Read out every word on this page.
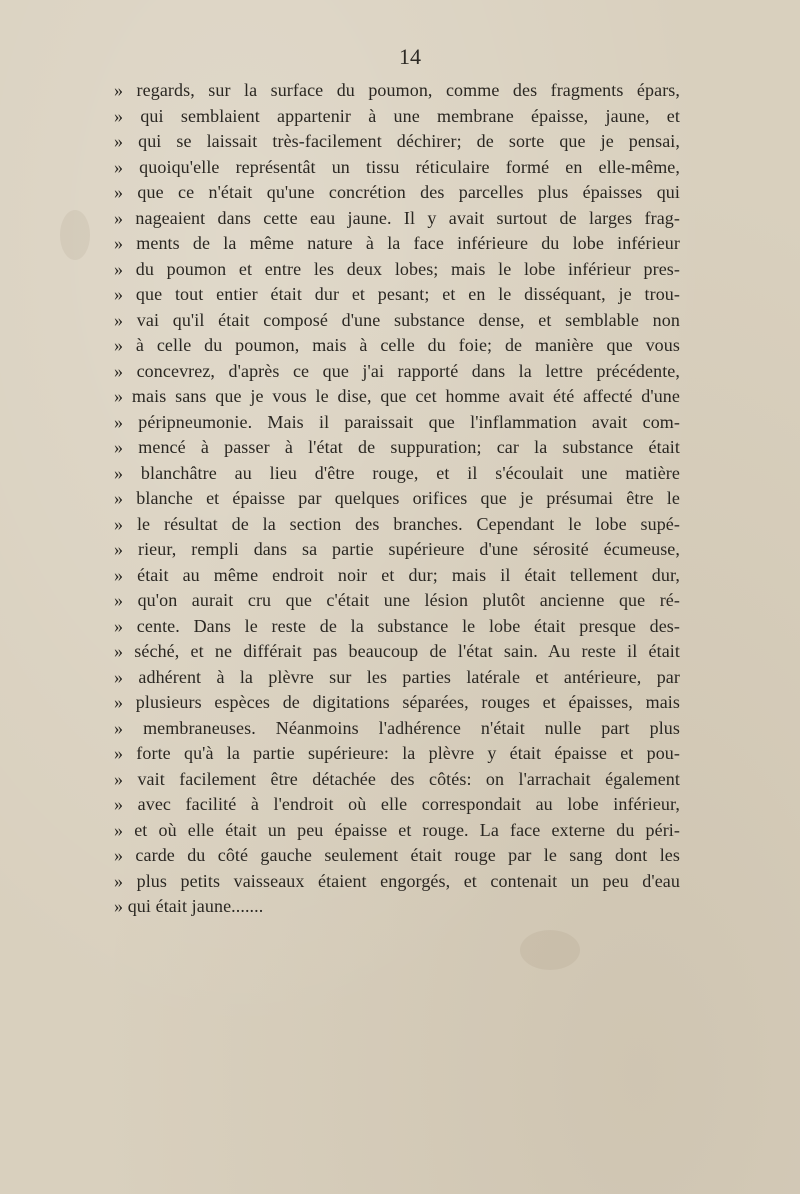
14
» regards, sur la surface du poumon, comme des fragments épars,
» qui semblaient appartenir à une membrane épaisse, jaune, et
» qui se laissait très-facilement déchirer; de sorte que je pensai,
» quoiqu'elle représentât un tissu réticulaire formé en elle-même,
» que ce n'était qu'une concrétion des parcelles plus épaisses qui
» nageaient dans cette eau jaune. Il y avait surtout de larges frag-
» ments de la même nature à la face inférieure du lobe inférieur
» du poumon et entre les deux lobes; mais le lobe inférieur pres-
» que tout entier était dur et pesant; et en le disséquant, je trou-
» vai qu'il était composé d'une substance dense, et semblable non
» à celle du poumon, mais à celle du foie; de manière que vous
» concevrez, d'après ce que j'ai rapporté dans la lettre précédente,
» mais sans que je vous le dise, que cet homme avait été affecté d'une
» péripneumonie. Mais il paraissait que l'inflammation avait com-
» mencé à passer à l'état de suppuration; car la substance était
» blanchâtre au lieu d'être rouge, et il s'écoulait une matière
» blanche et épaisse par quelques orifices que je présumai être le
» le résultat de la section des branches. Cependant le lobe supé-
» rieur, rempli dans sa partie supérieure d'une sérosité écumeuse,
» était au même endroit noir et dur; mais il était tellement dur,
» qu'on aurait cru que c'était une lésion plutôt ancienne que ré-
» cente. Dans le reste de la substance le lobe était presque des-
» séché, et ne différait pas beaucoup de l'état sain. Au reste il était
» adhérent à la plèvre sur les parties latérale et antérieure, par
» plusieurs espèces de digitations séparées, rouges et épaisses, mais
» membraneuses. Néanmoins l'adhérence n'était nulle part plus
» forte qu'à la partie supérieure: la plèvre y était épaisse et pou-
» vait facilement être détachée des côtés: on l'arrachait également
» avec facilité à l'endroit où elle correspondait au lobe inférieur,
» et où elle était un peu épaisse et rouge. La face externe du péri-
» carde du côté gauche seulement était rouge par le sang dont les
» plus petits vaisseaux étaient engorgés, et contenait un peu d'eau
» qui était jaune.......
